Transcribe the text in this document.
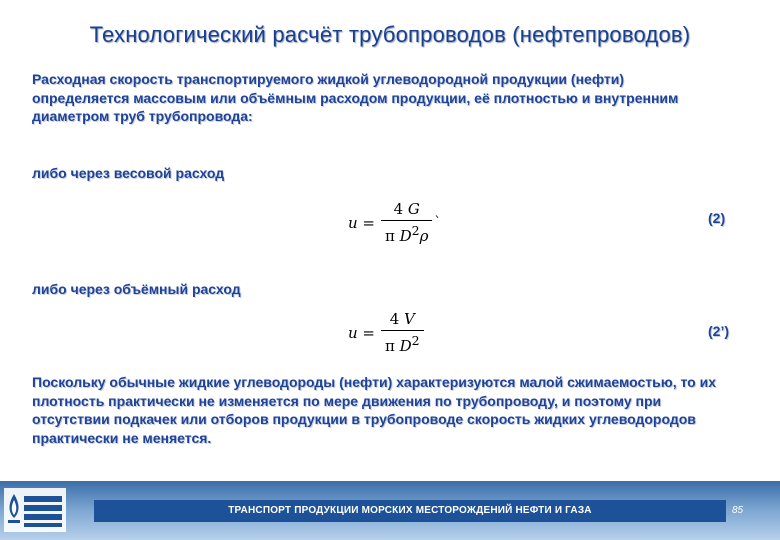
Технологический расчёт трубопроводов (нефтепроводов)
Расходная скорость транспортируемого жидкой углеводородной продукции (нефти) определяется массовым или объёмным расходом продукции, её плотностью и внутренним диаметром труб трубопровода:
либо через весовой расход
$u = \frac{4 G}{\pi D^2\rho}$ `	(2)
либо через объёмный расход
$u = \frac{4 V}{\pi D^2}$	(2’)
Поскольку обычные жидкие углеводороды (нефти) характеризуются малой сжимаемостью, то их плотность практически не изменяется по мере движения по трубопроводу, и поэтому при отсутствии подкачек или отборов продукции в трубопроводе скорость жидких углеводородов практически не меняется.
ТРАНСПОРТ ПРОДУКЦИИ МОРСКИХ МЕСТОРОЖДЕНИЙ НЕФТИ И ГАЗА	85
